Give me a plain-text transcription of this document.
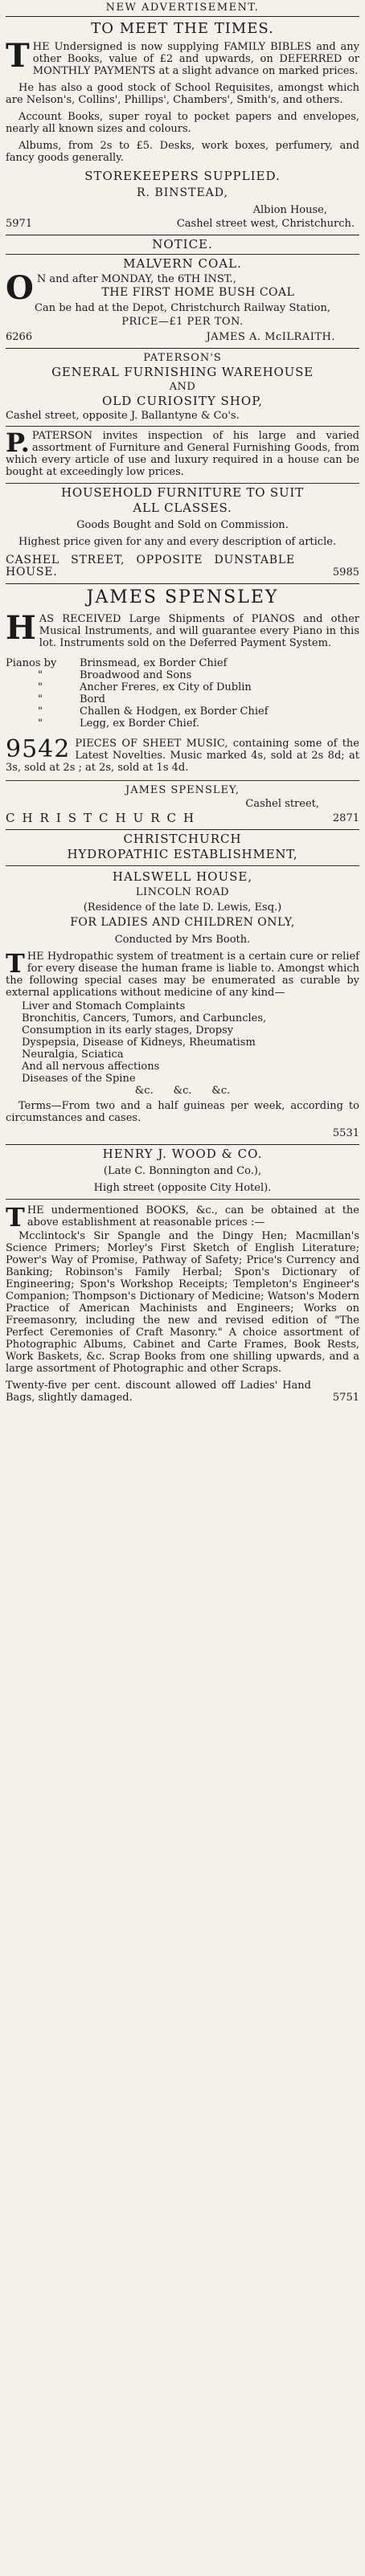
NEW ADVERTISEMENT.
TO MEET THE TIMES.

THE Undersigned is now supplying FAMILY BIBLES and any other Books, value of £2 and upwards, on DEFERRED or MONTHLY PAYMENTS at a slight advance on marked prices.

He has also a good stock of School Requisites, amongst which are Nelson's, Collins', Phillips', Chambers', Smith's, and others.

Account Books, super royal to pocket papers and envelopes, nearly all known sizes and colours.

Albums, from 2s to £5. Desks, work boxes, perfumery, and fancy goods generally.

STOREKEEPERS SUPPLIED.
R. BINSTEAD,
Albion House,
5971	Cashel street west, Christchurch.
NOTICE.
MALVERN COAL.
O N and after MONDAY, the 6TH INST.,
THE FIRST HOME BUSH COAL
Can be had at the Depot, Christchurch Railway Station,
PRICE—£1 PER TON.
6266	JAMES A. McILRAITH.
PATERSON'S
GENERAL FURNISHING WAREHOUSE
AND
OLD CURIOSITY SHOP,
Cashel street, opposite J. Ballantyne & Co's.

P. PATERSON invites inspection of his large and varied assortment of Furniture and General Furnishing Goods, from which every article of use and luxury required in a house can be bought at exceedingly low prices.

HOUSEHOLD FURNITURE TO SUIT
ALL CLASSES.
Goods Bought and Sold on Commission.

Highest price given for any and every description of article.

CASHEL STREET, OPPOSITE DUNSTABLE HOUSE.	5985
JAMES SPENSLEY

HAS RECEIVED Large Shipments of PIANOS and other Musical Instruments, and will guarantee every Piano in this lot. Instruments sold on the Deferred Payment System.

Pianos by	Brinsmead, ex Border Chief
"	Broadwood and Sons
"	Ancher Freres, ex City of Dublin
"	Bord
"	Challen & Hodgen, ex Border Chief
"	Legg, ex Border Chief.

9542 PIECES OF SHEET MUSIC, containing some of the Latest Novelties. Music marked 4s, sold at 2s 8d; at 3s, sold at 2s ; at 2s, sold at 1s 4d.

JAMES SPENSLEY,
Cashel street,
CHRISTCHURCH	2871
CHRISTCHURCH
HYDROPATHIC ESTABLISHMENT,
HALSWELL HOUSE,
LINCOLN ROAD
(Residence of the late D. Lewis, Esq.)
FOR LADIES AND CHILDREN ONLY,
Conducted by Mrs Booth.

THE Hydropathic system of treatment is a certain cure or relief for every disease the human frame is liable to. Amongst which the following special cases may be enumerated as curable by external applications without medicine of any kind—

Liver and Stomach Complaints
Bronchitis, Cancers, Tumors, and Carbuncles,
Consumption in its early stages, Dropsy
Dyspepsia, Disease of Kidneys, Rheumatism
Neuralgia, Sciatica
And all nervous affections
Diseases of the Spine
&c.      &c.      &c.

Terms—From two and a half guineas per week, according to circumstances and cases.

5531
HENRY J. WOOD & CO.
(Late C. Bonnington and Co.),
High street (opposite City Hotel).

THE undermentioned BOOKS, &c., can be obtained at the above establishment at reasonable prices :—

Mcclintock's Sir Spangle and the Dingy Hen; Macmillan's Science Primers; Morley's First Sketch of English Literature; Power's Way of Promise, Pathway of Safety; Price's Currency and Banking; Robinson's Family Herbal; Spon's Dictionary of Engineering; Spon's Workshop Receipts; Templeton's Engineer's Companion; Thompson's Dictionary of Medicine; Watson's Modern Practice of American Machinists and Engineers; Works on Freemasonry, including the new and revised edition of "The Perfect Ceremonies of Craft Masonry." A choice assortment of Photographic Albums, Cabinet and Carte Frames, Book Rests, Work Baskets, &c. Scrap Books from one shilling upwards, and a large assortment of Photographic and other Scraps.

Twenty-five per cent. discount allowed off Ladies' Hand Bags, slightly damaged.	5751
